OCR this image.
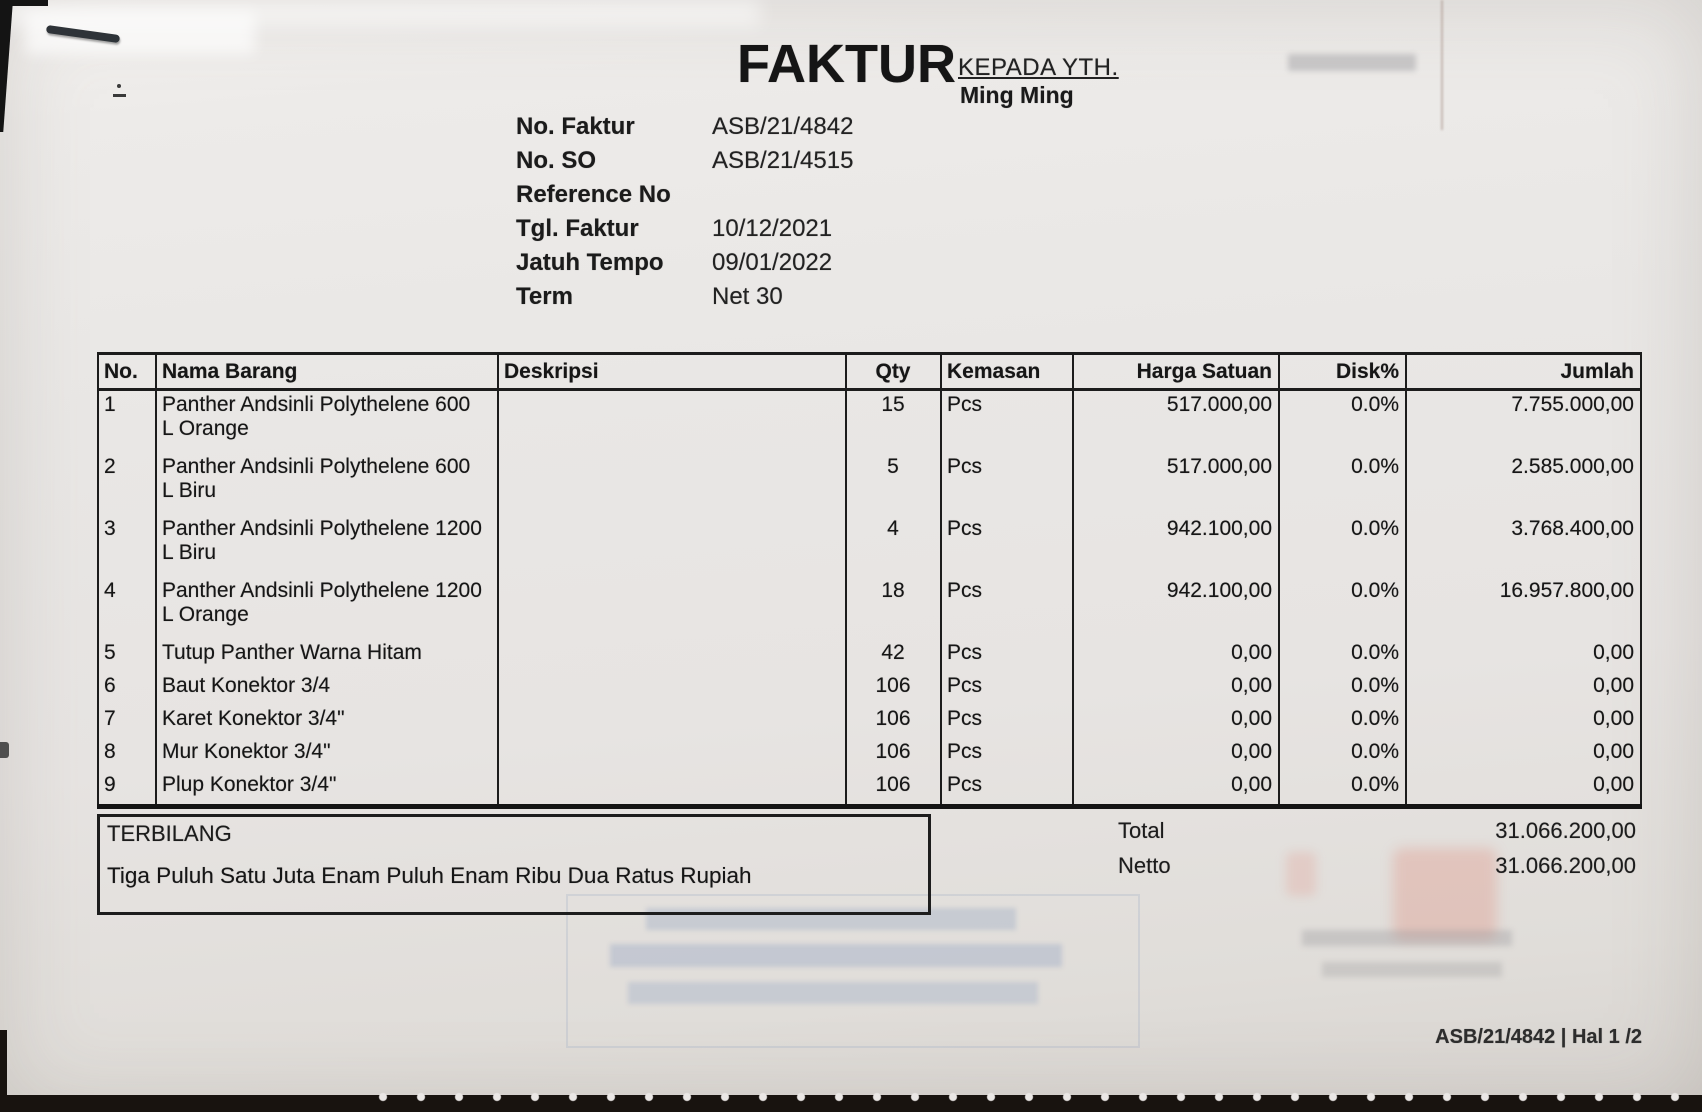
FAKTUR KEPADA YTH.
Ming Ming
No. Faktur	ASB/21/4842
No. SO	ASB/21/4515
Reference No
Tgl. Faktur	10/12/2021
Jatuh Tempo	09/01/2022
Term	Net 30
No.	Nama Barang	Deskripsi	Qty	Kemasan	Harga Satuan	Disk%	Jumlah
1	Panther Andsinli Polythelene 600 L Orange		15	Pcs	517.000,00	0.0%	7.755.000,00
2	Panther Andsinli Polythelene 600 L Biru		5	Pcs	517.000,00	0.0%	2.585.000,00
3	Panther Andsinli Polythelene 1200 L Biru		4	Pcs	942.100,00	0.0%	3.768.400,00
4	Panther Andsinli Polythelene 1200 L Orange		18	Pcs	942.100,00	0.0%	16.957.800,00
5	Tutup Panther Warna Hitam		42	Pcs	0,00	0.0%	0,00
6	Baut Konektor 3/4		106	Pcs	0,00	0.0%	0,00
7	Karet Konektor 3/4"		106	Pcs	0,00	0.0%	0,00
8	Mur Konektor 3/4"		106	Pcs	0,00	0.0%	0,00
9	Plup Konektor 3/4"		106	Pcs	0,00	0.0%	0,00
Total	31.066.200,00
Netto	31.066.200,00
TERBILANG
Tiga Puluh Satu Juta Enam Puluh Enam Ribu Dua Ratus Rupiah
ASB/21/4842 | Hal 1 /2
